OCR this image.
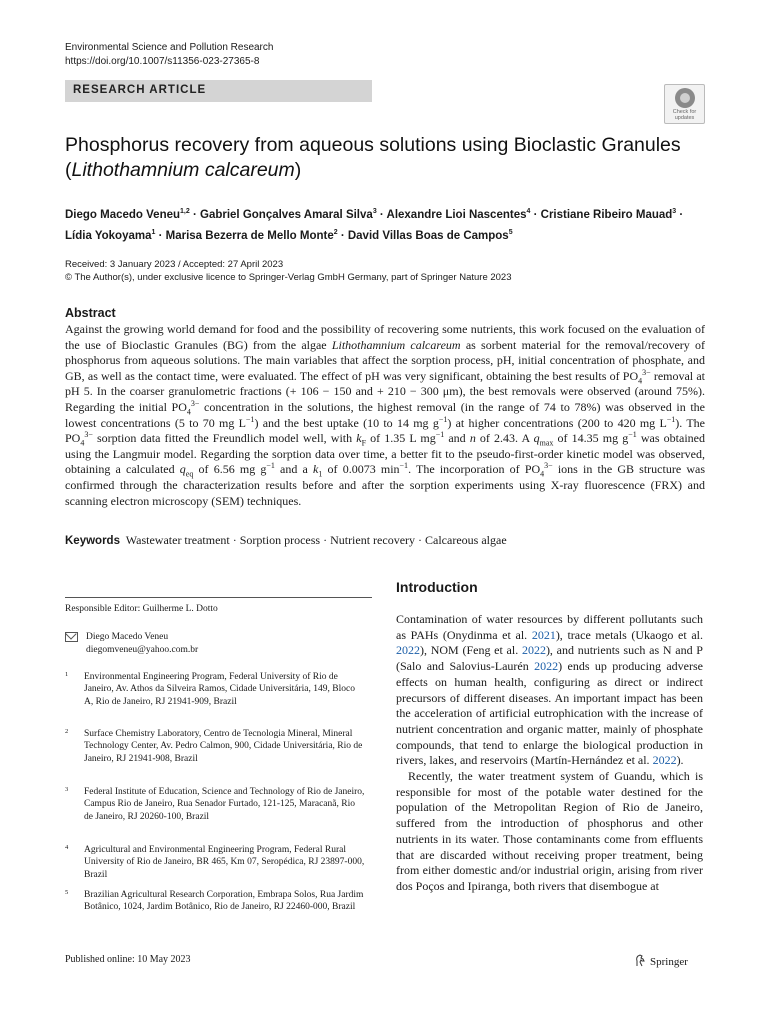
Environmental Science and Pollution Research
https://doi.org/10.1007/s11356-023-27365-8
RESEARCH ARTICLE
Check for
updates
Phosphorus recovery from aqueous solutions using Bioclastic Granules
(Lithothamnium calcareum)
Diego Macedo Veneu$^{1,2}$ · Gabriel Gonçalves Amaral Silva$^3$ · Alexandre Lioi Nascentes$^4$ · Cristiane Ribeiro Mauad$^3$ ·
Lídia Yokoyama$^1$ · Marisa Bezerra de Mello Monte$^2$ · David Villas Boas de Campos$^5$
Received: 3 January 2023 / Accepted: 27 April 2023
© The Author(s), under exclusive licence to Springer-Verlag GmbH Germany, part of Springer Nature 2023
Abstract
Against the growing world demand for food and the possibility of recovering some nutrients, this work focused on the evaluation of the use of Bioclastic Granules (BG) from the algae Lithothamnium calcareum as sorbent material for the removal/recovery of phosphorus from aqueous solutions. The main variables that affect the sorption process, pH, initial concentration of phosphate, and GB, as well as the contact time, were evaluated. The effect of pH was very significant, obtaining the best results of $PO_4^{3-}$ removal at pH 5. In the coarser granulometric fractions (+ 106 − 150 and + 210 − 300 μm), the best removals were observed (around 75%). Regarding the initial $PO_4^{3-}$ concentration in the solutions, the highest removal (in the range of 74 to 78%) was observed in the lowest concentrations (5 to 70 mg $L^{-1}$) and the best uptake (10 to 14 mg $g^{-1}$) at higher concentrations (200 to 420 mg $L^{-1}$). The $PO_4^{3-}$ sorption data fitted the Freundlich model well, with $k_F$ of 1.35 L $mg^{-1}$ and n of 2.43. A $q_{max}$ of 14.35 mg $g^{-1}$ was obtained using the Langmuir model. Regarding the sorption data over time, a better fit to the pseudo-first-order kinetic model was observed, obtaining a calculated $q_{eq}$ of 6.56 mg $g^{-1}$ and a $k_1$ of 0.0073 $\min^{-1}$. The incorporation of $PO_4^{3-}$ ions in the GB structure was confirmed through the characterization results before and after the sorption experiments using X-ray fluorescence (FRX) and scanning electron microscopy (SEM) techniques.
Keywords Wastewater treatment · Sorption process · Nutrient recovery · Calcareous algae
Responsible Editor: Guilherme L. Dotto
Diego Macedo Veneu
diegomveneu@yahoo.com.br
1 Environmental Engineering Program, Federal University of Rio de Janeiro, Av. Athos da Silveira Ramos, Cidade Universitária, 149, Bloco A, Rio de Janeiro, RJ 21941-909, Brazil
2 Surface Chemistry Laboratory, Centro de Tecnologia Mineral, Mineral Technology Center, Av. Pedro Calmon, 900, Cidade Universitária, Rio de Janeiro, RJ 21941-908, Brazil
3 Federal Institute of Education, Science and Technology of Rio de Janeiro, Campus Rio de Janeiro, Rua Senador Furtado, 121-125, Maracanã, Rio de Janeiro, RJ 20260-100, Brazil
4 Agricultural and Environmental Engineering Program, Federal Rural University of Rio de Janeiro, BR 465, Km 07, Seropédica, RJ 23897-000, Brazil
5 Brazilian Agricultural Research Corporation, Embrapa Solos, Rua Jardim Botânico, 1024, Jardim Botânico, Rio de Janeiro, RJ 22460-000, Brazil
Published online: 10 May 2023	Springer
Introduction

Contamination of water resources by different pollutants such as PAHs (Onydinma et al. 2021), trace metals (Ukaogo et al. 2022), NOM (Feng et al. 2022), and nutrients such as N and P (Salo and Salovius-Laurén 2022) ends up producing adverse effects on human health, configuring as direct or indirect precursors of different diseases. An important impact has been the acceleration of artificial eutrophication with the increase of nutrient concentration and organic matter, mainly of phosphate compounds, that tend to enlarge the biological production in rivers, lakes, and reservoirs (Martín-Hernández et al. 2022).

Recently, the water treatment system of Guandu, which is responsible for most of the potable water destined for the population of the Metropolitan Region of Rio de Janeiro, suffered from the introduction of phosphorus and other nutrients in its water. Those contaminants come from effluents that are discarded without receiving proper treatment, being from either domestic and/or industrial origin, arising from river dos Poços and Ipiranga, both rivers that disembogue at
